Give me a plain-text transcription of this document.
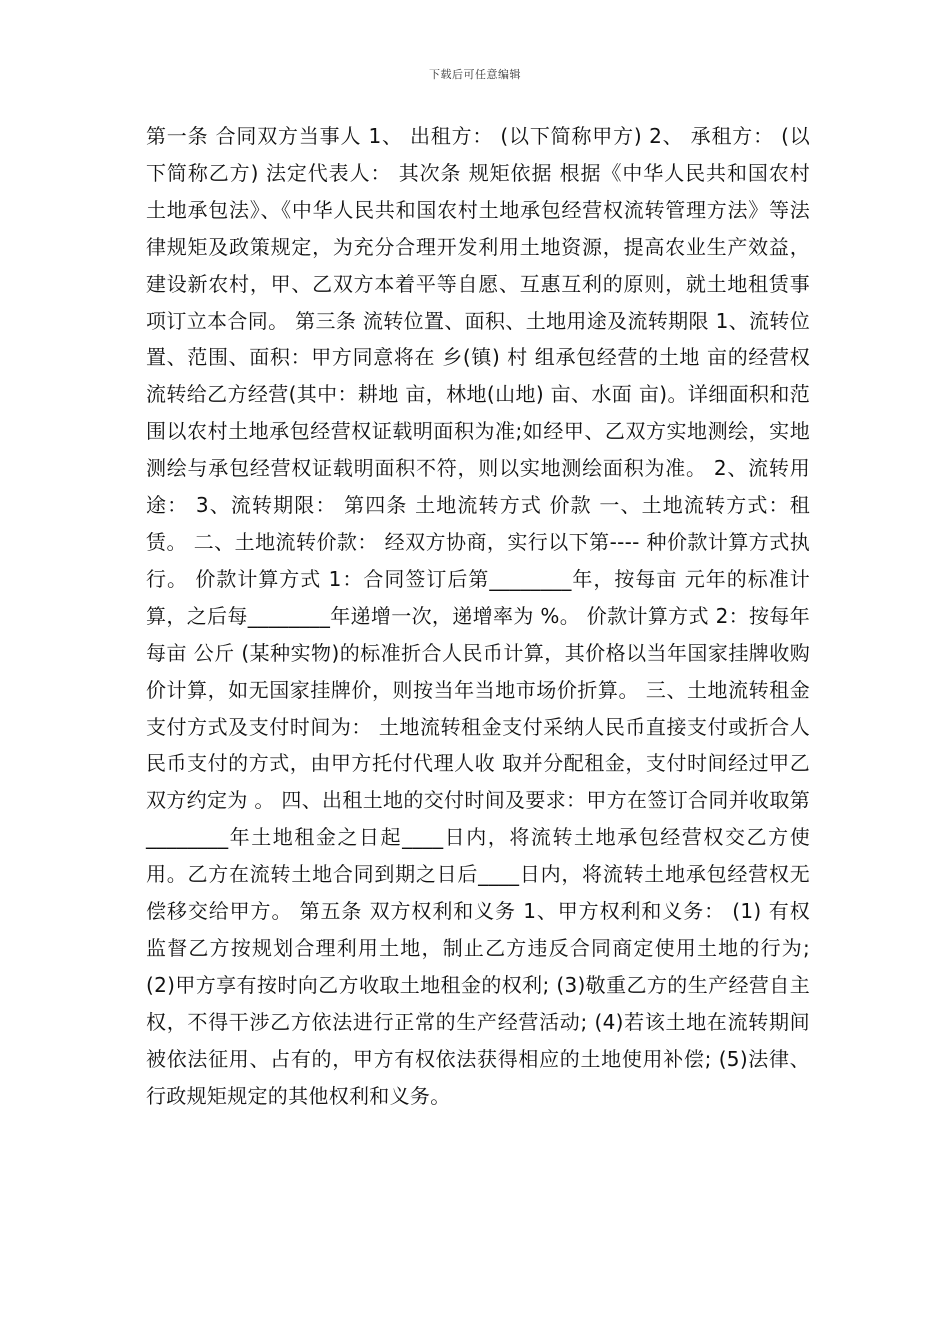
下载后可任意编辑

第一条 合同双方当事人 1、 出租方： (以下简称甲方) 2、 承租方： (以下简称乙方) 法定代表人： 其次条 规矩依据 根据《中华人民共和国农村土地承包法》、《中华人民共和国农村土地承包经营权流转管理方法》等法律规矩及政策规定，为充分合理开发利用土地资源，提高农业生产效益，建设新农村，甲、乙双方本着平等自愿、互惠互利的原则，就土地租赁事项订立本合同。 第三条 流转位置、面积、土地用途及流转期限 1、流转位置、范围、面积：甲方同意将在 乡(镇) 村 组承包经营的土地 亩的经营权流转给乙方经营(其中：耕地 亩，林地(山地) 亩、水面 亩)。详细面积和范围以农村土地承包经营权证载明面积为准;如经甲、乙双方实地测绘，实地测绘与承包经营权证载明面积不符，则以实地测绘面积为准。 2、流转用途： 3、流转期限： 第四条 土地流转方式 价款 一、土地流转方式：租赁。 二、土地流转价款： 经双方协商，实行以下第---- 种价款计算方式执行。 价款计算方式 1：合同签订后第________年，按每亩 元年的标准计算，之后每________年递增一次，递增率为 %。 价款计算方式 2：按每年每亩 公斤 (某种实物)的标准折合人民币计算，其价格以当年国家挂牌收购价计算，如无国家挂牌价，则按当年当地市场价折算。 三、土地流转租金支付方式及支付时间为： 土地流转租金支付采纳人民币直接支付或折合人民币支付的方式，由甲方托付代理人收 取并分配租金，支付时间经过甲乙双方约定为 。 四、出租土地的交付时间及要求：甲方在签订合同并收取第________年土地租金之日起____日内，将流转土地承包经营权交乙方使用。乙方在流转土地合同到期之日后____日内，将流转土地承包经营权无偿移交给甲方。 第五条 双方权利和义务 1、甲方权利和义务： (1) 有权监督乙方按规划合理利用土地，制止乙方违反合同商定使用土地的行为; (2)甲方享有按时向乙方收取土地租金的权利; (3)敬重乙方的生产经营自主权，不得干涉乙方依法进行正常的生产经营活动; (4)若该土地在流转期间被依法征用、占有的，甲方有权依法获得相应的土地使用补偿; (5)法律、行政规矩规定的其他权利和义务。
